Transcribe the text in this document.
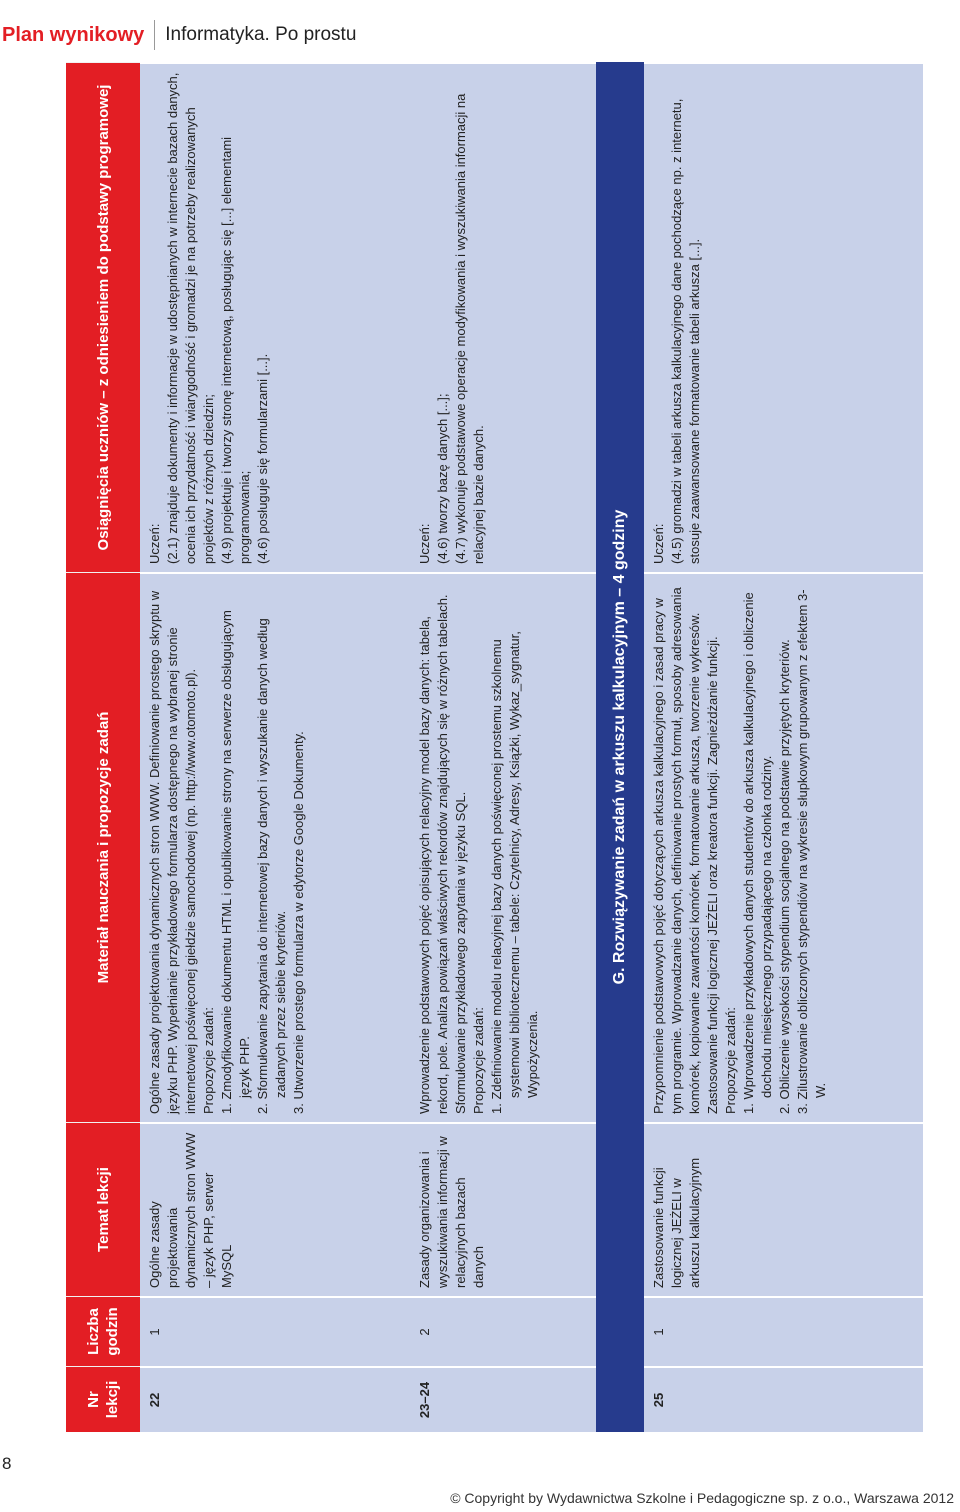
Plan wynikowy	Informatyka. Po prostu
Nr lekcji
Liczba godzin
Temat lekcji
Materiał nauczania i propozycje zadań
Osiągnięcia uczniów – z odniesieniem do podstawy programowej
22
1
Ogólne zasady projektowania dynamicznych stron WWW – język PHP, serwer MySQL

Ogólne zasady projektowania dynamicznych stron WWW. Definiowanie prostego skryptu w języku PHP. Wypełnianie przykładowego formularza dostępnego na wybranej stronie internetowej poświęconej giełdzie samochodowej (np. http://www.otomoto.pl). Propozycje zadań: 1. Zmodyfikowanie dokumentu HTML i opublikowanie strony na serwerze obsługującym język PHP. 2. Sformułowanie zapytania do internetowej bazy danych i wyszukanie danych według zadanych przez siebie kryteriów. 3. Utworzenie prostego formularza w edytorze Google Dokumenty.

Uczeń: (2.1) znajduje dokumenty i informacje w udostępnianych w internecie bazach danych, ocenia ich przydatność i wiarygodność i gromadzi je na potrzeby realizowanych projektów z różnych dziedzin; (4.9) projektuje i tworzy stronę internetową, posługując się [...] elementami programowania; (4.6) posługuje się formularzami [...].

23–24
2
Zasady organizowania i wyszukiwania informacji w relacyjnych bazach danych

Wprowadzenie podstawowych pojęć opisujących relacyjny model bazy danych: tabela, rekord, pole. Analiza powiązań właściwych rekordów znajdujących się w różnych tabelach. Sformułowanie przykładowego zapytania w języku SQL. Propozycje zadań: 1. Zdefiniowanie modelu relacyjnej bazy danych poświęconej prostemu szkolnemu systemowi bibliotecznemu – tabele: Czytelnicy, Adresy, Książki, Wykaz_sygnatur, Wypożyczenia.

Uczeń: (4.6) tworzy bazę danych [...]; (4.7) wykonuje podstawowe operacje modyfikowania i wyszukiwania informacji na relacyjnej bazie danych.

G. Rozwiązywanie zadań w arkuszu kalkulacyjnym – 4 godziny
25
1
Zastosowanie funkcji logicznej JEŻELI w arkuszu kalkulacyjnym

Przypomnienie podstawowych pojęć dotyczących arkusza kalkulacyjnego i zasad pracy w tym programie. Wprowadzanie danych, definiowanie prostych formuł, sposoby adresowania komórek, kopiowanie zawartości komórek, formatowanie arkusza, tworzenie wykresów. Zastosowanie funkcji logicznej JEŻELI oraz kreatora funkcji. Zagnieżdżanie funkcji. Propozycje zadań: 1. Wprowadzenie przykładowych danych studentów do arkusza kalkulacyjnego i obliczenie dochodu miesięcznego przypadającego na członka rodziny. 2. Obliczenie wysokości stypendium socjalnego na podstawie przyjętych kryteriów. 3. Zilustrowanie obliczonych stypendiów na wykresie słupkowym grupowanym z efektem 3-W.

Uczeń: (4.5) gromadzi w tabeli arkusza kalkulacyjnego dane pochodzące np. z internetu, stosuje zaawansowane formatowanie tabeli arkusza [...].

8
© Copyright by Wydawnictwa Szkolne i Pedagogiczne sp. z o.o., Warszawa 2012
